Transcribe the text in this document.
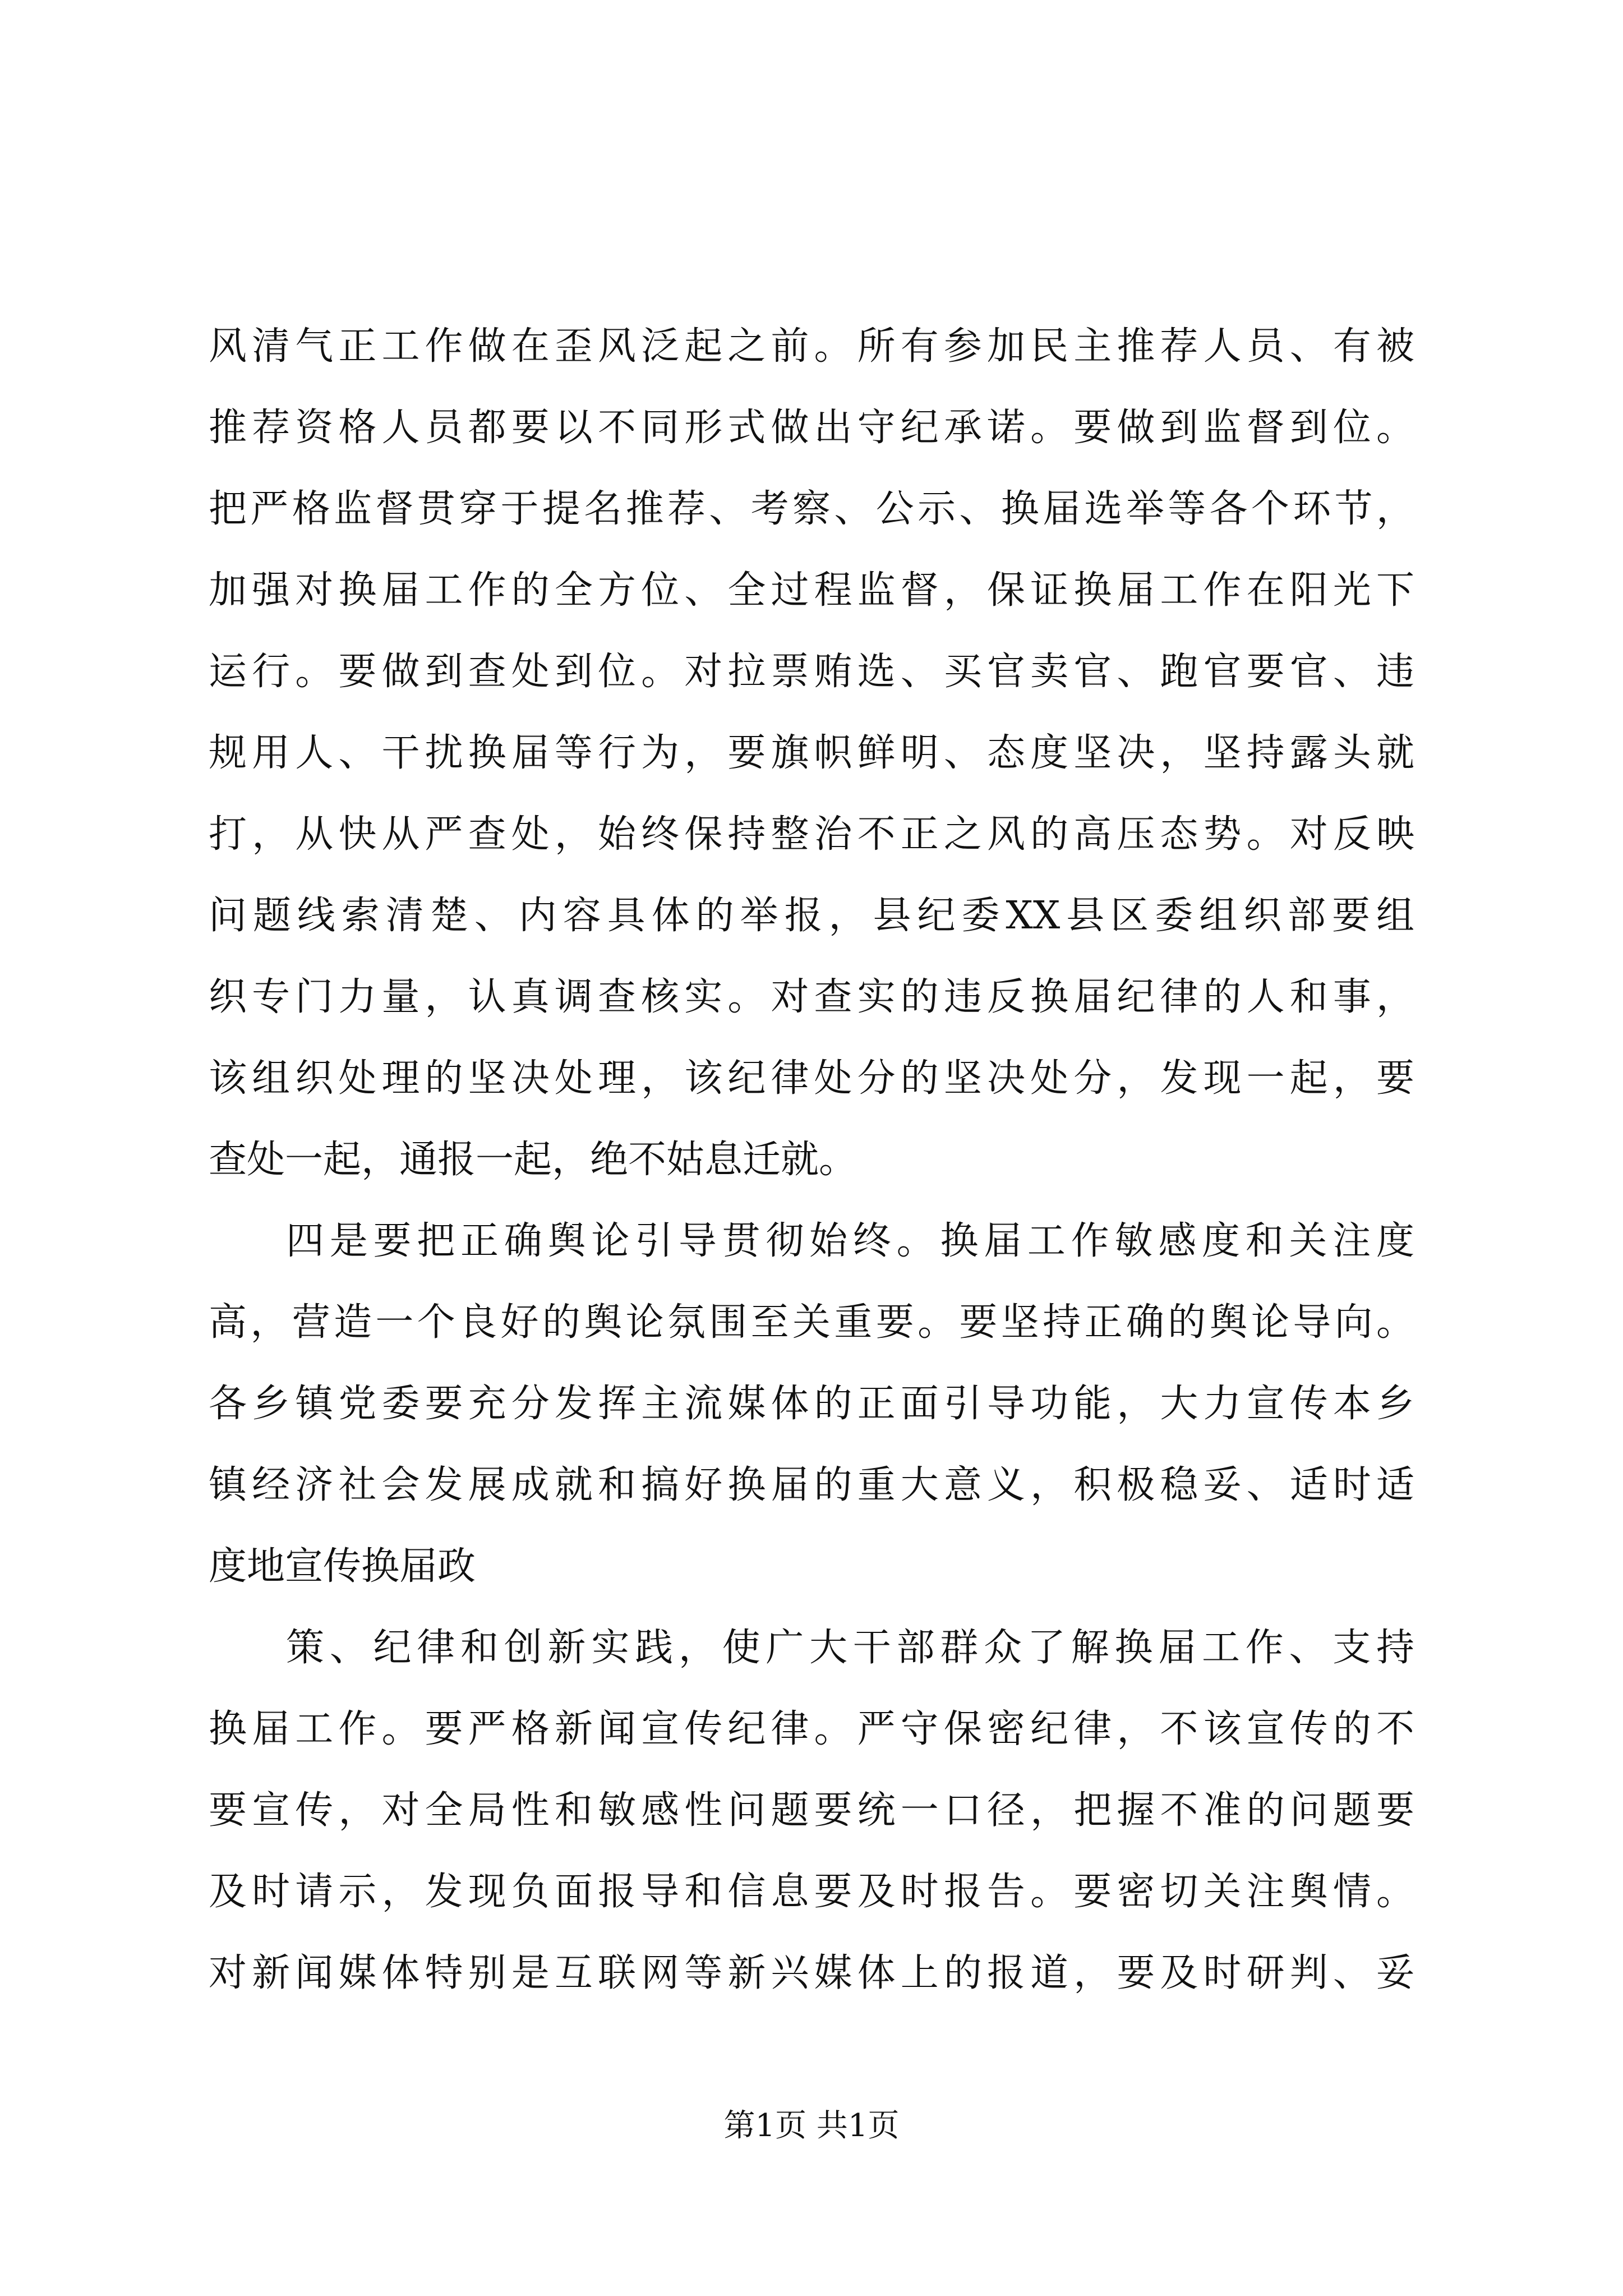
风清气正工作做在歪风泛起之前。所有参加民主推荐人员、有被
推荐资格人员都要以不同形式做出守纪承诺。要做到监督到位。
把严格监督贯穿于提名推荐、考察、公示、换届选举等各个环节，
加强对换届工作的全方位、全过程监督，保证换届工作在阳光下
运行。要做到查处到位。对拉票贿选、买官卖官、跑官要官、违
规用人、干扰换届等行为，要旗帜鲜明、态度坚决，坚持露头就
打，从快从严查处，始终保持整治不正之风的高压态势。对反映
问题线索清楚、内容具体的举报，县纪委XX县区委组织部要组
织专门力量，认真调查核实。对查实的违反换届纪律的人和事，
该组织处理的坚决处理，该纪律处分的坚决处分，发现一起，要
查处一起，通报一起，绝不姑息迁就。
四是要把正确舆论引导贯彻始终。换届工作敏感度和关注度
高，营造一个良好的舆论氛围至关重要。要坚持正确的舆论导向。
各乡镇党委要充分发挥主流媒体的正面引导功能，大力宣传本乡
镇经济社会发展成就和搞好换届的重大意义，积极稳妥、适时适
度地宣传换届政
策、纪律和创新实践，使广大干部群众了解换届工作、支持
换届工作。要严格新闻宣传纪律。严守保密纪律，不该宣传的不
要宣传，对全局性和敏感性问题要统一口径，把握不准的问题要
及时请示，发现负面报导和信息要及时报告。要密切关注舆情。
对新闻媒体特别是互联网等新兴媒体上的报道，要及时研判、妥
第1页 共1页
